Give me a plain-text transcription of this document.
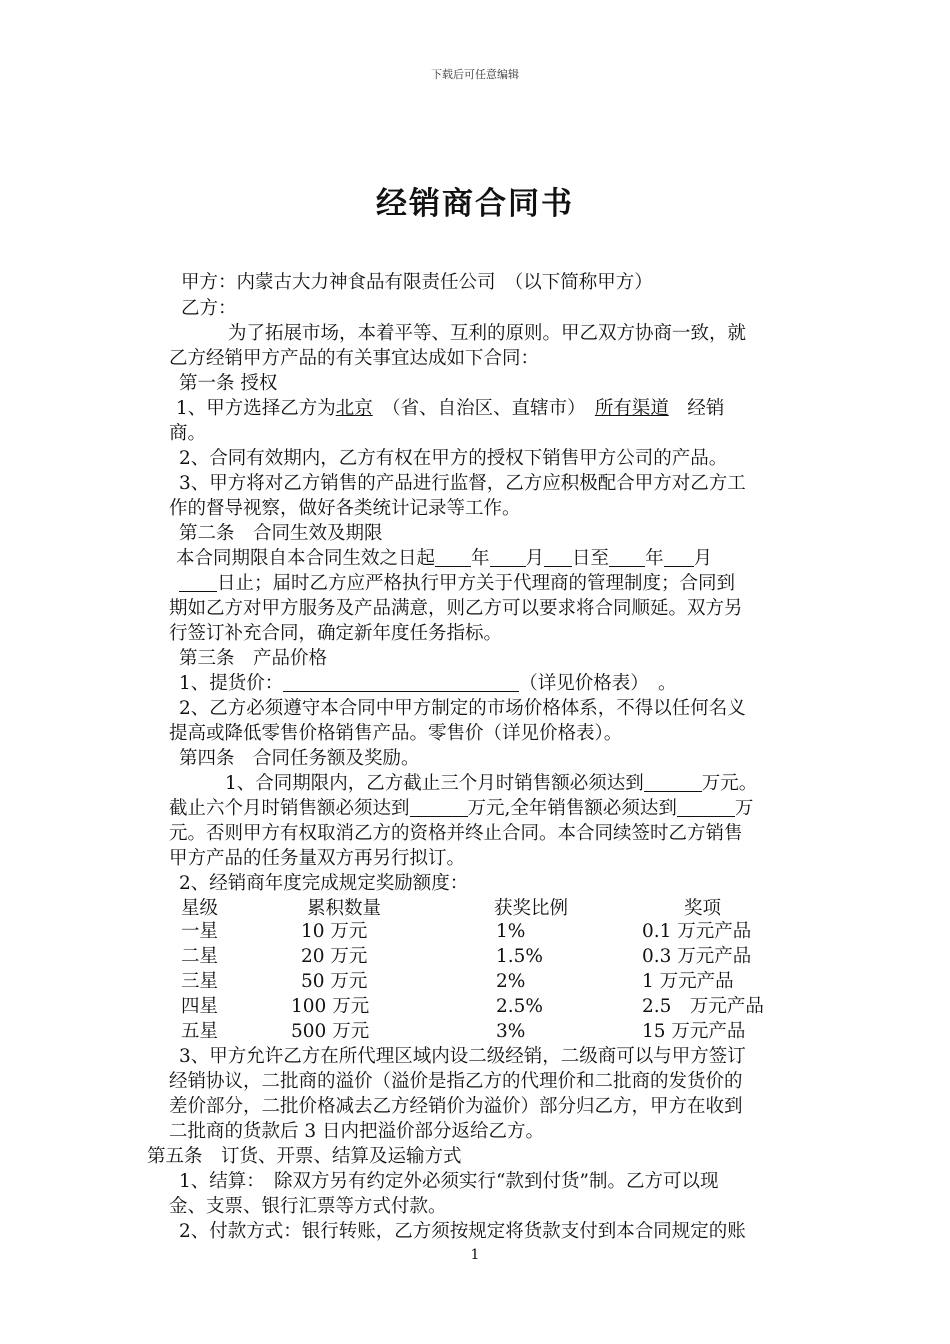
下载后可任意编辑
经销商合同书
甲方：内蒙古大力神食品有限责任公司　 （以下简称甲方）
乙方：
为了拓展市场，本着平等、互利的原则。甲乙双方协商一致，就
乙方经销甲方产品的有关事宜达成如下合同：
第一条 授权
1、甲方选择乙方为北京　 （省、自治区、直辖市）　 所有渠道　 经销
商。
2、合同有效期内，乙方有权在甲方的授权下销售甲方公司的产品。
3、甲方将对乙方销售的产品进行监督，乙方应积极配合甲方对乙方工
作的督导视察，做好各类统计记录等工作。
第二条　合同生效及期限
本合同期限自本合同生效之日起 年 月 日至 年 月
日止；届时乙方应严格执行甲方关于代理商的管理制度；合同到
期如乙方对甲方服务及产品满意，则乙方可以要求将合同顺延。双方另
行签订补充合同，确定新年度任务指标。
第三条　产品价格
1、提货价：	（详见价格表）　。
2、乙方必须遵守本合同中甲方制定的市场价格体系，不得以任何名义
提高或降低零售价格销售产品。零售价（详见价格表）。
第四条　合同任务额及奖励。
1、合同期限内，乙方截止三个月时销售额必须达到	万元。
截止六个月时销售额必须达到	万元,全年销售额必须达到	万
元。否则甲方有权取消乙方的资格并终止合同。本合同续签时乙方销售
甲方产品的任务量双方再另行拟订。
2、经销商年度完成规定奖励额度：
星级	累积数量	获奖比例	奖项
一星	10 万元	1%	0.1 万元产品
二星	20 万元	1.5%	0.3 万元产品
三星	50 万元	2%	1 万元产品
四星	100 万元	2.5%	2.5　万元产品
五星	500 万元	3%	15 万元产品
3、甲方允许乙方在所代理区域内设二级经销，二级商可以与甲方签订
经销协议，二批商的溢价（溢价是指乙方的代理价和二批商的发货价的
差价部分，二批价格减去乙方经销价为溢价）部分归乙方，甲方在收到
二批商的货款后 3 日内把溢价部分返给乙方。
第五条　订货、开票、结算及运输方式
1、结算：　除双方另有约定外必须实行“款到付货”制。乙方可以现
金、支票、银行汇票等方式付款。
2、付款方式：银行转账，乙方须按规定将货款支付到本合同规定的账
1
